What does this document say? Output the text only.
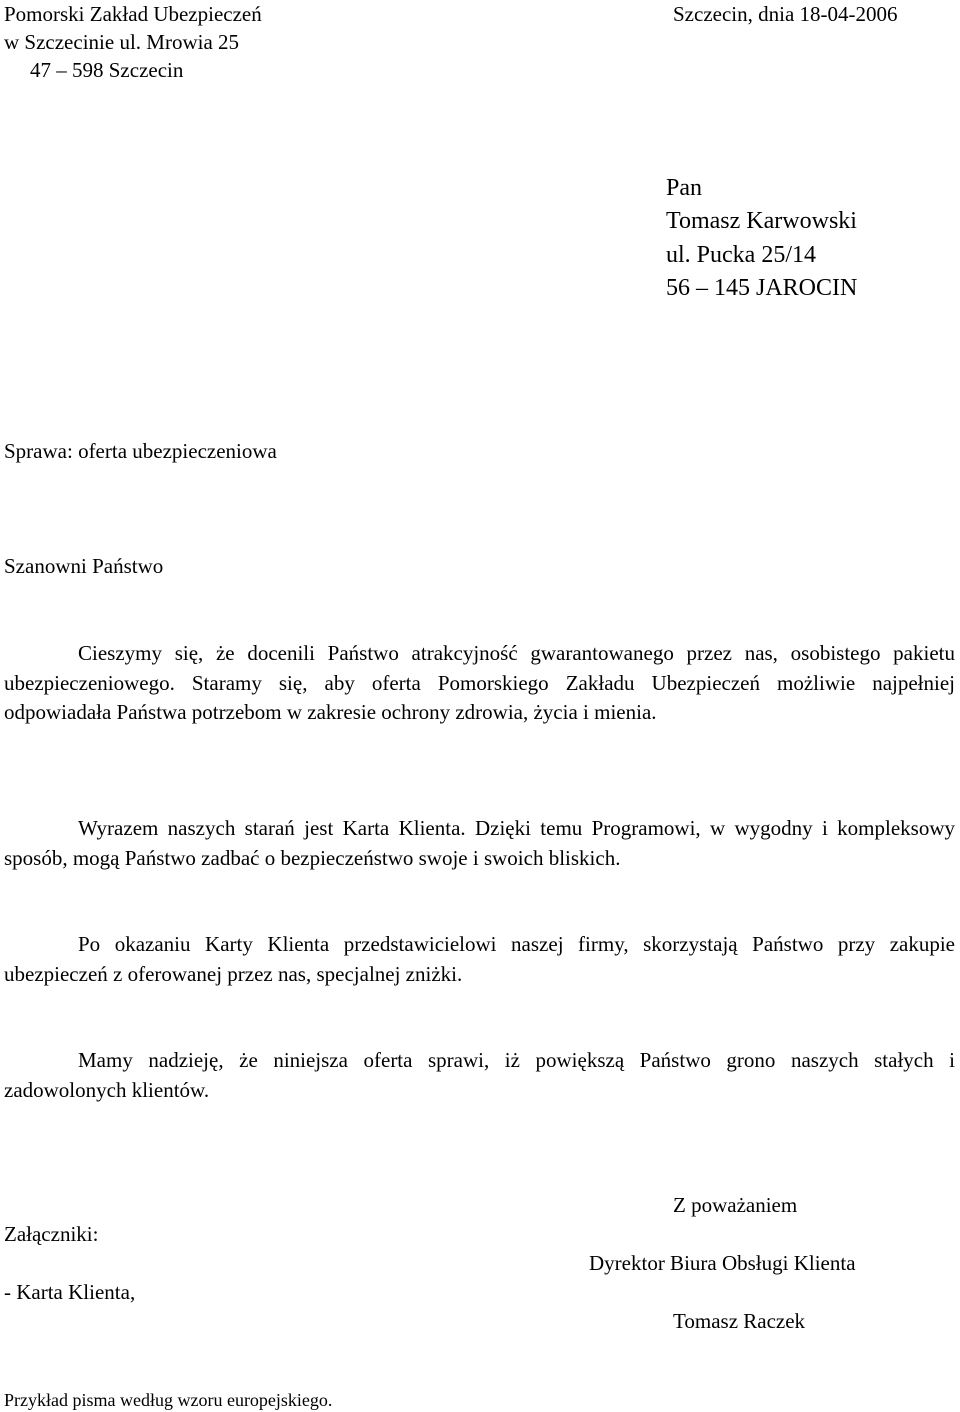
Pomorski Zakład Ubezpieczeń
w Szczecinie ul. Mrowia 25
47 – 598 Szczecin
Szczecin, dnia 18-04-2006
Pan
Tomasz Karwowski
ul. Pucka 25/14
56 – 145 JAROCIN
Sprawa: oferta ubezpieczeniowa
Szanowni Państwo
Cieszymy się, że docenili Państwo atrakcyjność gwarantowanego przez nas, osobistego pakietu ubezpieczeniowego. Staramy się, aby oferta Pomorskiego Zakładu Ubezpieczeń możliwie najpełniej odpowiadała Państwa potrzebom w zakresie ochrony zdrowia, życia i mienia.
Wyrazem naszych starań jest Karta Klienta. Dzięki temu Programowi, w wygodny i kompleksowy sposób, mogą Państwo zadbać o bezpieczeństwo swoje i swoich bliskich.
Po okazaniu Karty Klienta przedstawicielowi naszej firmy, skorzystają Państwo przy zakupie ubezpieczeń z oferowanej przez nas, specjalnej zniżki.
Mamy nadzieję, że niniejsza oferta sprawi, iż powiększą Państwo grono naszych stałych i zadowolonych klientów.
Z poważaniem
Dyrektor Biura Obsługi Klienta
Tomasz Raczek
Załączniki:
- Karta Klienta,
Przykład pisma według wzoru europejskiego.
